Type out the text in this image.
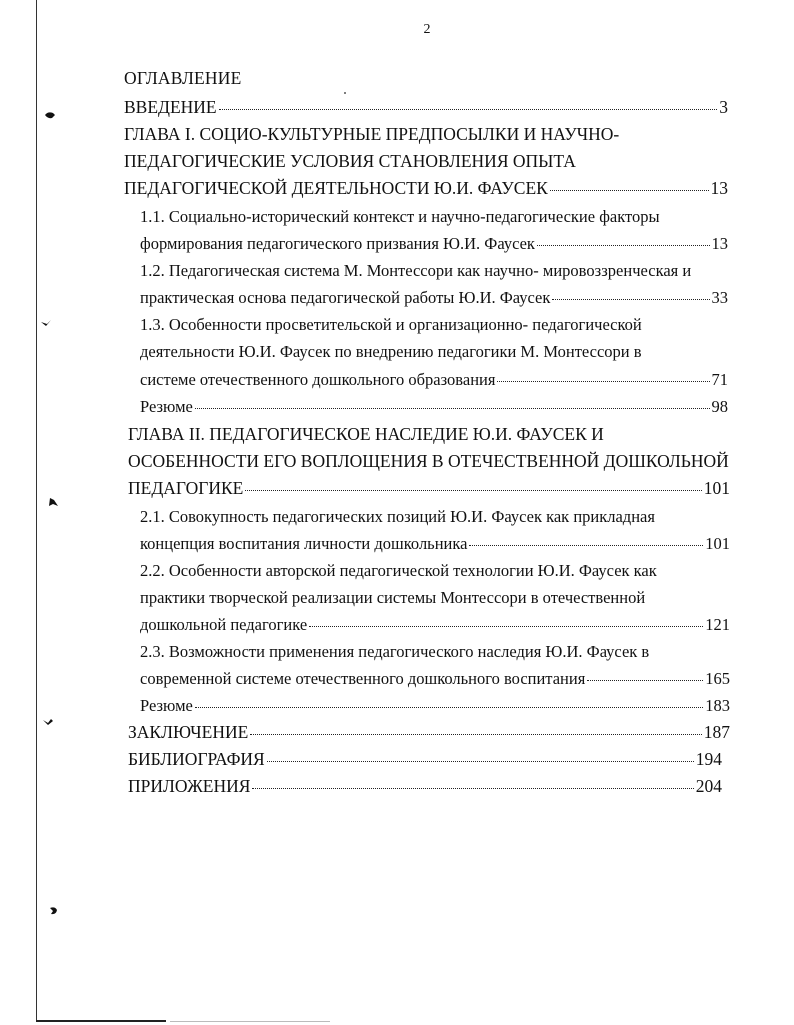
2
ОГЛАВЛЕНИЕ
ВВЕДЕНИЕ	3
ГЛАВА I. СОЦИО-КУЛЬТУРНЫЕ ПРЕДПОСЫЛКИ И НАУЧНО-
ПЕДАГОГИЧЕСКИЕ УСЛОВИЯ СТАНОВЛЕНИЯ ОПЫТА
ПЕДАГОГИЧЕСКОЙ ДЕЯТЕЛЬНОСТИ Ю.И. ФАУСЕК	13
1.1. Социально-исторический контекст и научно-педагогические факторы
формирования педагогического призвания Ю.И. Фаусек	13
1.2. Педагогическая система М. Монтессори как научно- мировоззренческая и
практическая основа педагогической работы Ю.И. Фаусек	33
1.3. Особенности просветительской и организационно- педагогической
деятельности Ю.И. Фаусек по внедрению педагогики М. Монтессори в
системе отечественного дошкольного образования	71
Резюме	98
ГЛАВА II. ПЕДАГОГИЧЕСКОЕ НАСЛЕДИЕ Ю.И. ФАУСЕК И
ОСОБЕННОСТИ ЕГО ВОПЛОЩЕНИЯ В ОТЕЧЕСТВЕННОЙ ДОШКОЛЬНОЙ
ПЕДАГОГИКЕ	101
2.1. Совокупность педагогических позиций Ю.И. Фаусек как прикладная
концепция воспитания личности дошкольника	101
2.2. Особенности авторской педагогической технологии Ю.И. Фаусек как
практики творческой реализации системы Монтессори в отечественной
дошкольной педагогике	121
2.3. Возможности применения педагогического наследия Ю.И. Фаусек в
современной системе отечественного дошкольного воспитания	165
Резюме	183
ЗАКЛЮЧЕНИЕ	187
БИБЛИОГРАФИЯ	194
ПРИЛОЖЕНИЯ	204
